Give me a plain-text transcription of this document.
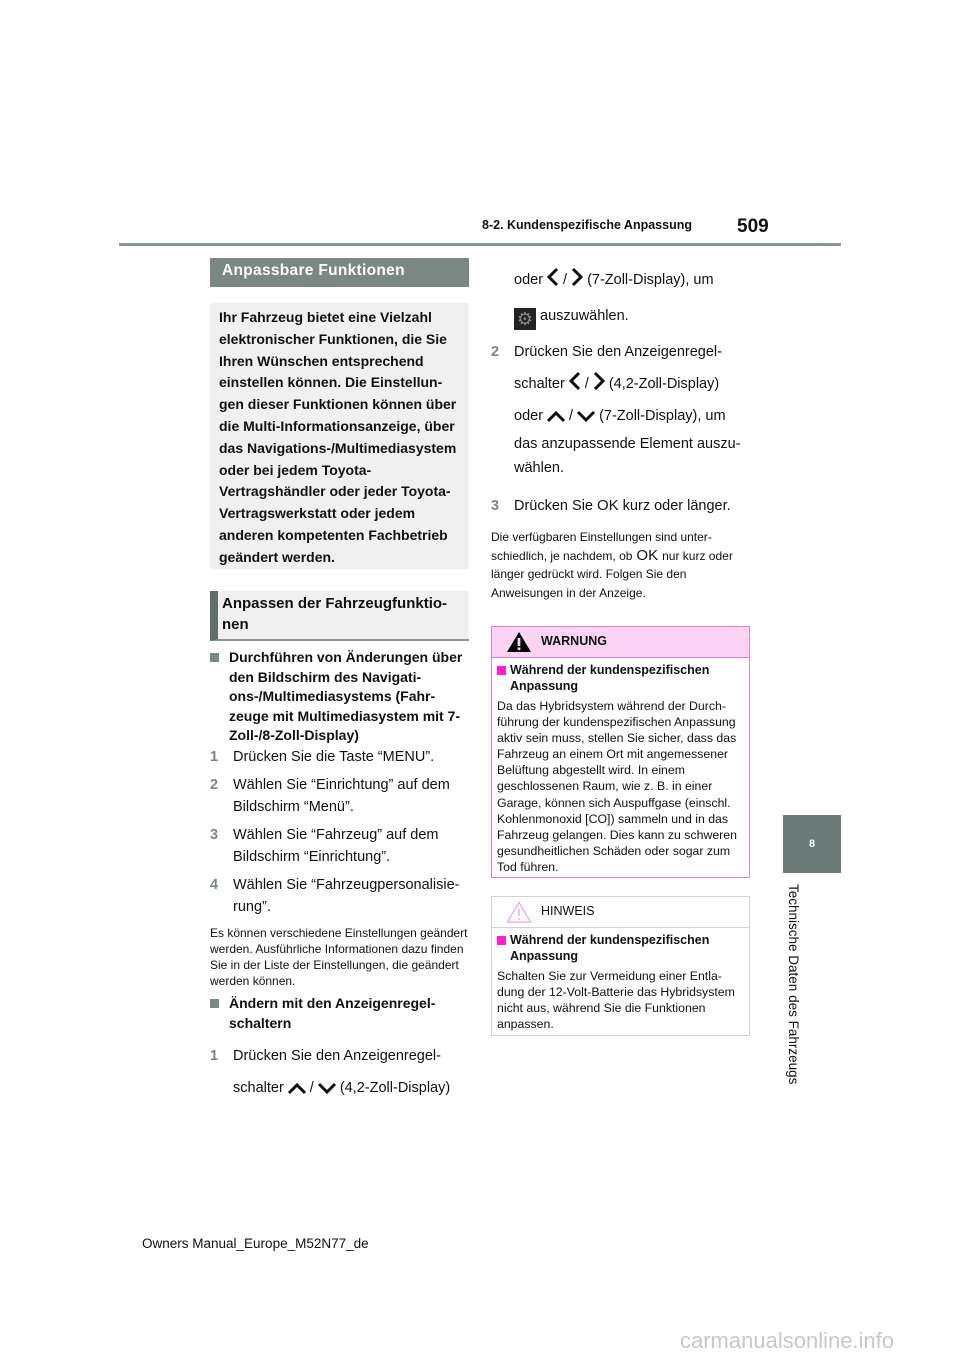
8-2. Kundenspezifische Anpassung 509
8
Technische Daten des Fahrzeugs
Anpassbare Funktionen
Ihr Fahrzeug bietet eine Vielzahl elektronischer Funktionen, die Sie Ihren Wünschen entsprechend einstellen können. Die Einstellungen dieser Funktionen können über die Multi-Informationsanzeige, über das Navigations-/Multimediasystem oder bei jedem Toyota-Vertragshändler oder jeder Toyota-Vertragswerkstatt oder jedem anderen kompetenten Fachbetrieb geändert werden.
Anpassen der Fahrzeugfunktionen
Durchführen von Änderungen über den Bildschirm des Navigations-/Multimediasystems (Fahrzeuge mit Multimediasystem mit 7-Zoll-/8-Zoll-Display)
1 Drücken Sie die Taste “MENU”.
2 Wählen Sie “Einrichtung” auf dem Bildschirm “Menü”.
3 Wählen Sie “Fahrzeug” auf dem Bildschirm “Einrichtung”.
4 Wählen Sie “Fahrzeugpersonalisierung”.
Es können verschiedene Einstellungen geändert werden. Ausführliche Informationen dazu finden Sie in der Liste der Einstellungen, die geändert werden können.
Ändern mit den Anzeigenregelschaltern
1 Drücken Sie den Anzeigenregel-
schalter / (4,2-Zoll-Display)
oder / (7-Zoll-Display), um
⚙ auszuwählen.
2 Drücken Sie den Anzeigenregel-
schalter / (4,2-Zoll-Display)
oder / (7-Zoll-Display), um
das anzupassende Element auszuwählen.
3 Drücken Sie OK kurz oder länger.
Die verfügbaren Einstellungen sind unterschiedlich, je nachdem, ob OK nur kurz oder länger gedrückt wird. Folgen Sie den Anweisungen in der Anzeige.
WARNUNG
Während der kundenspezifischen Anpassung
Da das Hybridsystem während der Durchführung der kundenspezifischen Anpassung aktiv sein muss, stellen Sie sicher, dass das Fahrzeug an einem Ort mit angemessener Belüftung abgestellt wird. In einem geschlossenen Raum, wie z. B. in einer Garage, können sich Auspuffgase (einschl. Kohlenmonoxid [CO]) sammeln und in das Fahrzeug gelangen. Dies kann zu schweren gesundheitlichen Schäden oder sogar zum Tod führen.
HINWEIS
Während der kundenspezifischen Anpassung
Schalten Sie zur Vermeidung einer Entladung der 12-Volt-Batterie das Hybridsystem nicht aus, während Sie die Funktionen anpassen.
Owners Manual_Europe_M52N77_de
carmanualsonline.info
